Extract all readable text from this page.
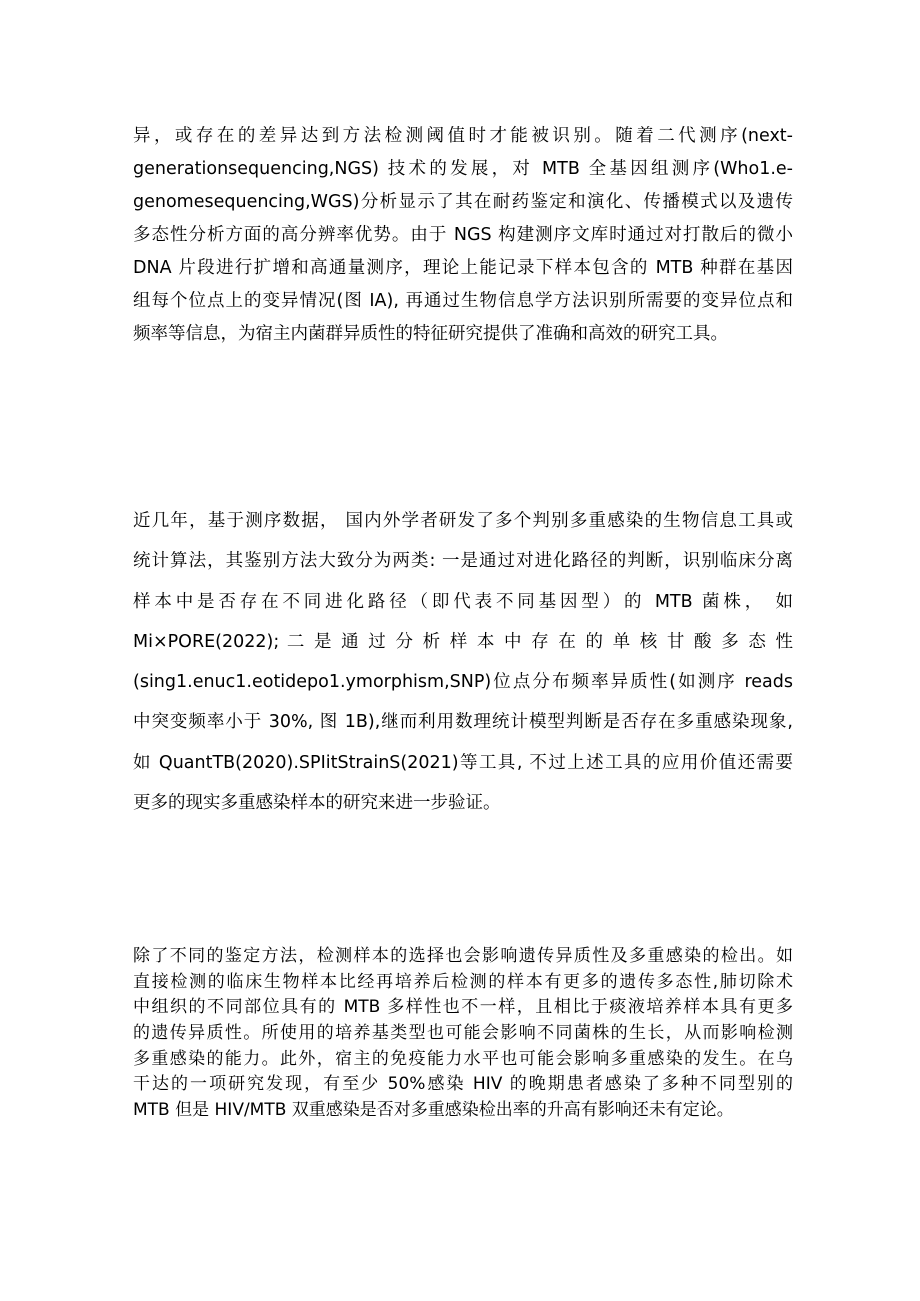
异，或存在的差异达到方法检测阈值时才能被识别。随着二代测序(next-
generationsequencing,NGS) 技术的发展，对 MTB 全基因组测序(Who1.e-
genomesequencing,WGS)分析显示了其在耐药鉴定和演化、传播模式以及遗传
多态性分析方面的高分辨率优势。由于 NGS 构建测序文库时通过对打散后的微小
DNA 片段进行扩增和高通量测序，理论上能记录下样本包含的 MTB 种群在基因
组每个位点上的变异情况(图 IA), 再通过生物信息学方法识别所需要的变异位点和
频率等信息，为宿主内菌群异质性的特征研究提供了准确和高效的研究工具。
近几年，基于测序数据， 国内外学者研发了多个判别多重感染的生物信息工具或
统计算法，其鉴别方法大致分为两类: 一是通过对进化路径的判断，识别临床分离
样本中是否存在不同进化路径（即代表不同基因型）的 MTB 菌株， 如
Mi×PORE(2022); 二 是 通 过 分 析 样 本 中 存 在 的 单 核 甘 酸 多 态 性
(sing1.enuc1.eotidepo1.ymorphism,SNP)位点分布频率异质性(如测序 reads
中突变频率小于 30%, 图 1B),继而利用数理统计模型判断是否存在多重感染现象,
如 QuantTB(2020).SPIitStrainS(2021)等工具, 不过上述工具的应用价值还需要
更多的现实多重感染样本的研究来进一步验证。
除了不同的鉴定方法，检测样本的选择也会影响遗传异质性及多重感染的检出。如
直接检测的临床生物样本比经再培养后检测的样本有更多的遗传多态性,肺切除术
中组织的不同部位具有的 MTB 多样性也不一样，且相比于痰液培养样本具有更多
的遗传异质性。所使用的培养基类型也可能会影响不同菌株的生长，从而影响检测
多重感染的能力。此外，宿主的免疫能力水平也可能会影响多重感染的发生。在乌
干达的一项研究发现，有至少 50%感染 HIV 的晚期患者感染了多种不同型别的
MTB 但是 HIV/MTB 双重感染是否对多重感染检出率的升高有影响还未有定论。
